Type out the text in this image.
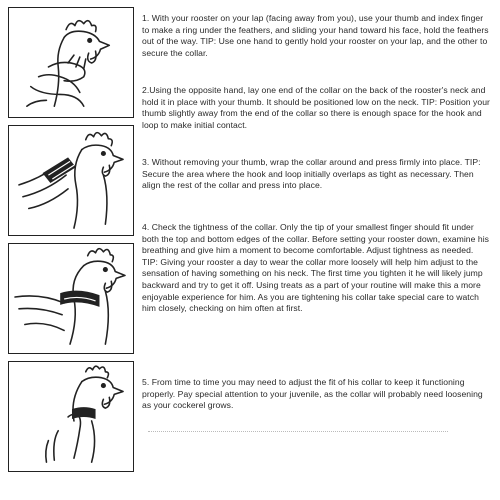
1. With your rooster on your lap (facing away from you), use your thumb and index finger to make a ring under the feathers, and sliding your hand toward his face, hold the feathers out of the way. TIP: Use one hand to gently hold your rooster on your lap, and the other to secure the collar.

2.Using the opposite hand, lay one end of the collar on the back of the rooster's neck and hold it in place with your thumb. It should be positioned low on the neck. TIP: Position your thumb slightly away from the end of the collar so there is enough space for the hook and loop to make initial contact.

3. Without removing your thumb, wrap the collar around and press firmly into place. TIP: Secure the area where the hook and loop initially overlaps as tight as necessary. Then align the rest of the collar and press into place.

4. Check the tightness of the collar. Only the tip of your smallest finger should fit under both the top and bottom edges of the collar. Before setting your rooster down, examine his breathing and give him a moment to become comfortable. Adjust tightness as needed. TIP: Giving your rooster a day to wear the collar more loosely will help him adjust to the sensation of having something on his neck. The first time you tighten it he will likely jump backward and try to get it off. Using treats as a part of your routine will make this a more enjoyable experience for him. As you are tightening his collar take special care to watch him closely, checking on him often at first.

5. From time to time you may need to adjust the fit of his collar to keep it functioning properly. Pay special attention to your juvenile, as the collar will probably need loosening as your cockerel grows.
